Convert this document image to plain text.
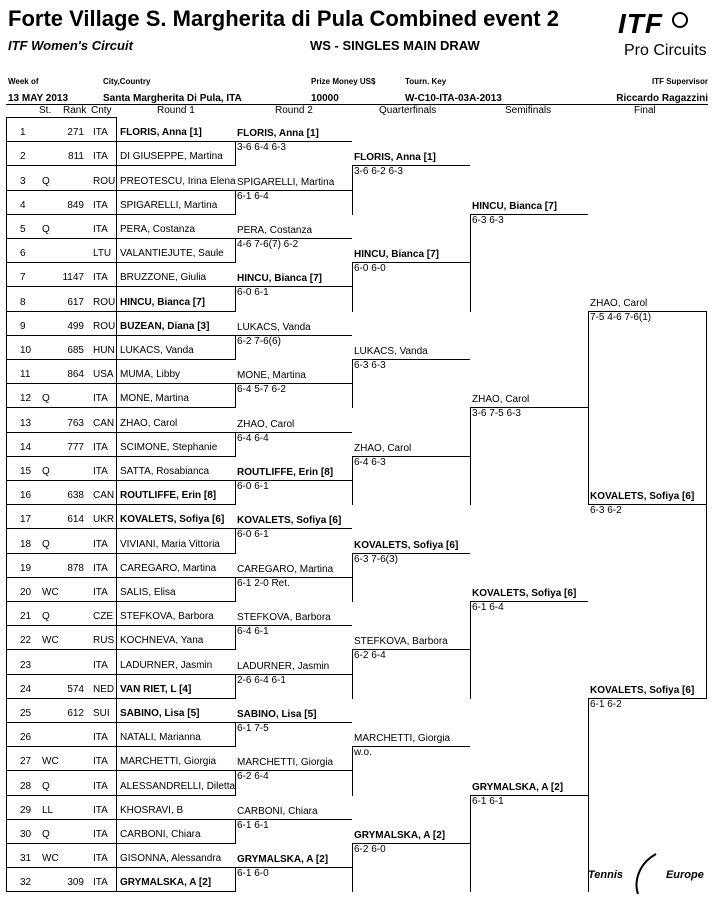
Forte Village S. Margherita di Pula Combined event 2
ITF Women's Circuit	WS - SINGLES MAIN DRAW
ITF
Pro Circuits
Week of	City,Country	Prize Money US$	Tourn. Key	ITF Supervisor
13 MAY 2013	Santa Margherita Di Pula, ITA	10000	W-C10-ITA-03A-2013	Riccardo Ragazzini
St. Rank Cnty	Round 1	Round 2	Quarterfinals	Semifinals	Final
1	271 ITA FLORIS, Anna [1]
2	811 ITA DI GIUSEPPE, Martina
3 Q	ROU PREOTESCU, Irina Elena
4	849 ITA SPIGARELLI, Martina
5 Q	ITA PERA, Costanza
6	LTU VALANTIEJUTE, Saule
7	1147 ITA BRUZZONE, Giulia
8	617 ROU HINCU, Bianca [7]
9	499 ROU BUZEAN, Diana [3]
10	685 HUN LUKACS, Vanda
11	864 USA MUMA, Libby
12 Q	ITA MONE, Martina
13	763 CAN ZHAO, Carol
14	777 ITA SCIMONE, Stephanie
15 Q	ITA SATTA, Rosabianca
16	638 CAN ROUTLIFFE, Erin [8]
17	614 UKR KOVALETS, Sofiya [6]
18 Q	ITA VIVIANI, Maria Vittoria
19	878 ITA CAREGARO, Martina
20 WC	ITA SALIS, Elisa
21 Q	CZE STEFKOVA, Barbora
22 WC	RUS KOCHNEVA, Yana
23	ITA LADURNER, Jasmin
24	574 NED VAN RIET, L [4]
25	612 SUI SABINO, Lisa [5]
26	ITA NATALI, Marianna
27 WC	ITA MARCHETTI, Giorgia
28 Q	ITA ALESSANDRELLI, Diletta
29 LL	ITA KHOSRAVI, B
30 Q	ITA CARBONI, Chiara
31 WC	ITA GISONNA, Alessandra
32	309 ITA GRYMALSKA, A [2]
FLORIS, Anna [1]
3-6 6-4 6-3
SPIGARELLI, Martina
6-1 6-4
PERA, Costanza
4-6 7-6(7) 6-2
HINCU, Bianca [7]
6-0 6-1
LUKACS, Vanda
6-2 7-6(6)
MONE, Martina
6-4 5-7 6-2
ZHAO, Carol
6-4 6-4
ROUTLIFFE, Erin [8]
6-0 6-1
KOVALETS, Sofiya [6]
6-0 6-1
CAREGARO, Martina
6-1 2-0 Ret.
STEFKOVA, Barbora
6-4 6-1
LADURNER, Jasmin
2-6 6-4 6-1
SABINO, Lisa [5]
6-1 7-5
MARCHETTI, Giorgia
6-2 6-4
CARBONI, Chiara
6-1 6-1
GRYMALSKA, A [2]
6-1 6-0
FLORIS, Anna [1]
3-6 6-2 6-3
HINCU, Bianca [7]
6-0 6-0
LUKACS, Vanda
6-3 6-3
ZHAO, Carol
6-4 6-3
KOVALETS, Sofiya [6]
6-3 7-6(3)
STEFKOVA, Barbora
6-2 6-4
MARCHETTI, Giorgia
w.o.
GRYMALSKA, A [2]
6-2 6-0
HINCU, Bianca [7]
6-3 6-3
ZHAO, Carol
3-6 7-5 6-3
KOVALETS, Sofiya [6]
6-1 6-4
GRYMALSKA, A [2]
6-1 6-1
ZHAO, Carol
7-5 4-6 7-6(1)
KOVALETS, Sofiya [6]
6-1 6-2
KOVALETS, Sofiya [6]
6-3 6-2
Tennis	Europe
